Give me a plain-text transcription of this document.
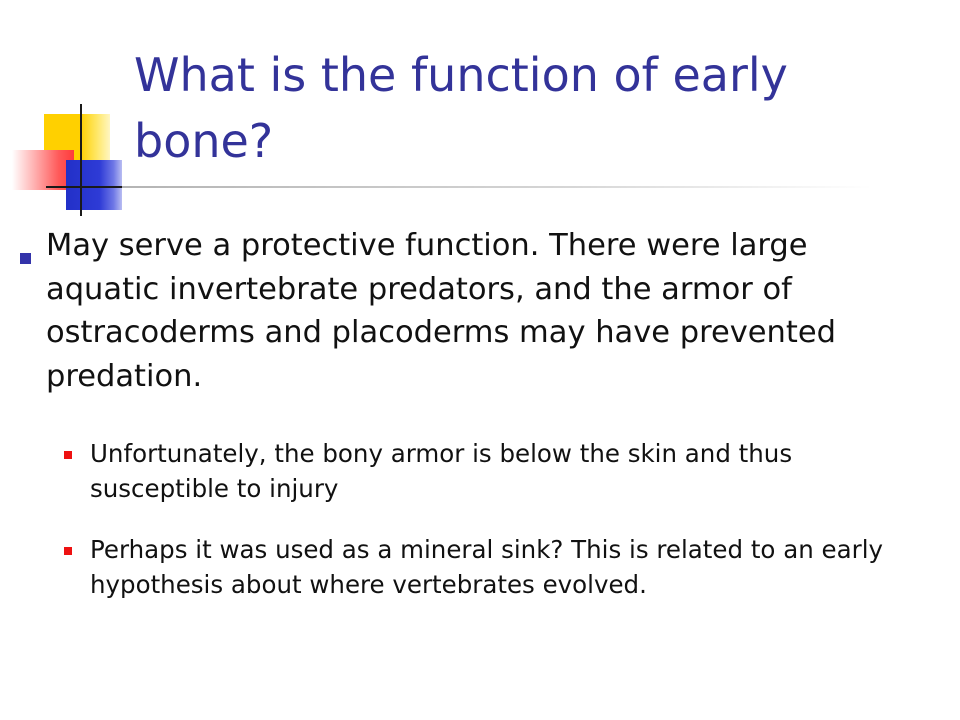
What is the function of early bone?

May serve a protective function. There were large aquatic invertebrate predators, and the armor of ostracoderms and placoderms may have prevented predation.

Unfortunately, the bony armor is below the skin and thus susceptible to injury

Perhaps it was used as a mineral sink? This is related to an early hypothesis about where vertebrates evolved.
